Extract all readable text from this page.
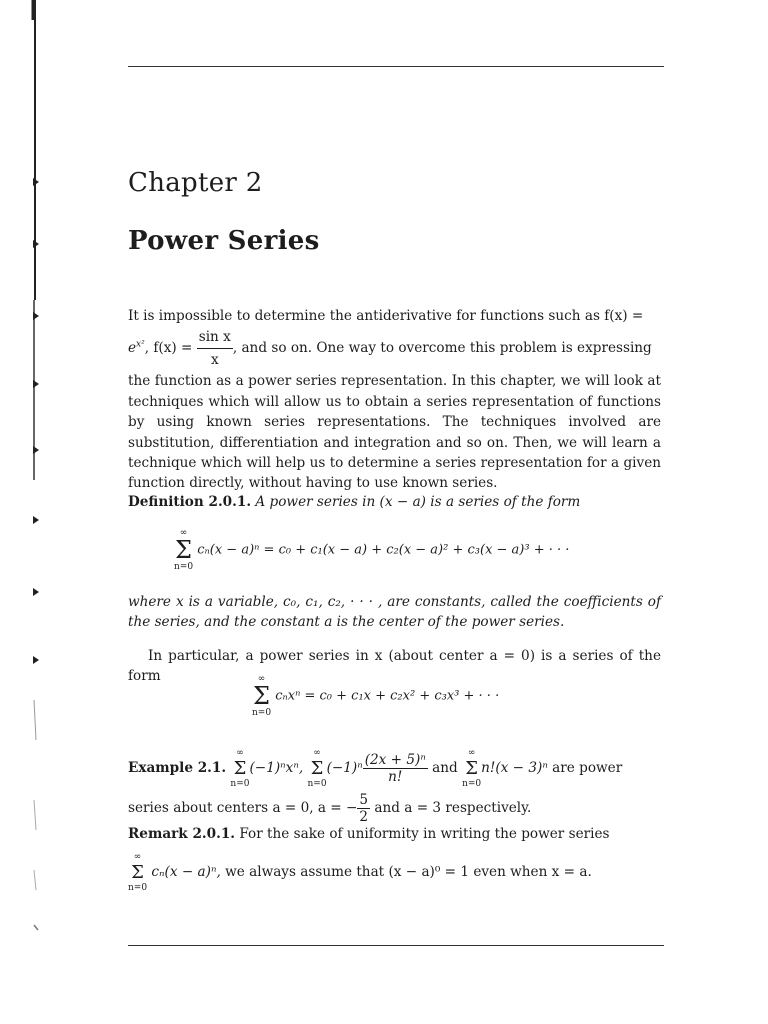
Chapter 2
Power Series

It is impossible to determine the antiderivative for functions such as f(x) =

$e^{x^2}$, $f(x) = \frac{\text{sin x}}{x}$ , and so on. One way to overcome this problem is expressing

the function as a power series representation. In this chapter, we will look at techniques which will allow us to obtain a series representation of functions by using known series representations. The techniques involved are substitution, differentiation and integration and so on. Then, we will learn a technique which will help us to determine a series representation for a given function directly, without having to use known series.

Definition 2.0.1. A power series in (x − a) is a series of the form
∞
Σ
n=0
cₙ(x − a)ⁿ = c₀ + c₁(x − a) + c₂(x − a)² + c₃(x − a)³ + · · ·
where x is a variable, c₀, c₁, c₂, · · · , are constants, called the coefficients of the series, and the constant a is the center of the power series.
In particular, a power series in x (about center a = 0) is a series of the form	∞
Σ
n=0
cₙxⁿ = c₀ + c₁x + c₂x² + c₃x³ + · · ·
Example 2.1.
∞
Σ
n=0
(−1)ⁿxⁿ,
∞
Σ
n=0
$(-1)^n \frac{\text{(2x + 5)ⁿ}}{n!}$ and
∞
Σ
n=0
n!(x − 3)ⁿ are power
series about centers a = 0, a = − $\frac{5}{2}$ and a = 3 respectively.
Remark 2.0.1. For the sake of uniformity in writing the power series
∞
Σ
n=0
cₙ(x − a)ⁿ, we always assume that (x − a)⁰ = 1 even when x = a.
